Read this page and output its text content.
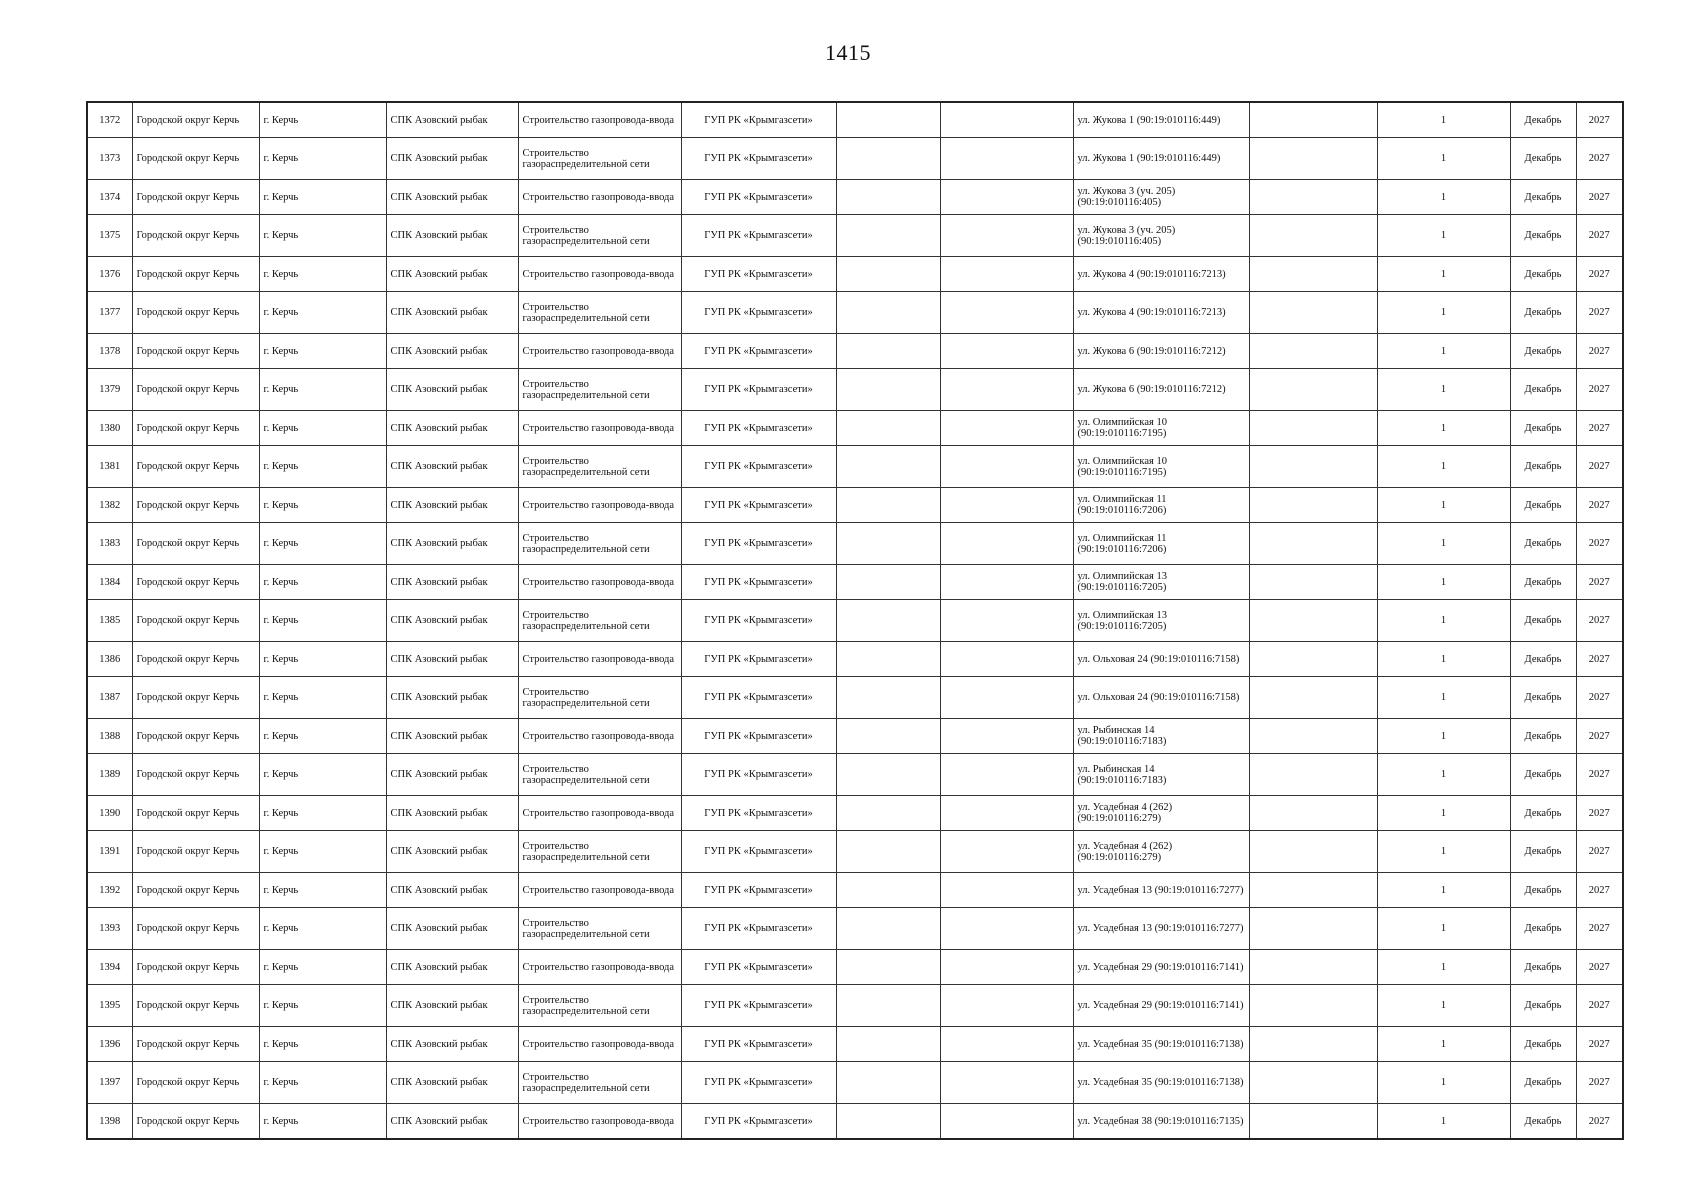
1415
1372	Городской округ Керчь	г. Керчь	СПК Азовский рыбак	Строительство газопровода-ввода	ГУП РК «Крымгазсети»			ул. Жукова 1 (90:19:010116:449)		1	Декабрь	2027
1373	Городской округ Керчь	г. Керчь	СПК Азовский рыбак	Строительство газораспределительной сети	ГУП РК «Крымгазсети»			ул. Жукова 1 (90:19:010116:449)		1	Декабрь	2027
1374	Городской округ Керчь	г. Керчь	СПК Азовский рыбак	Строительство газопровода-ввода	ГУП РК «Крымгазсети»			ул. Жукова 3 (уч. 205) (90:19:010116:405)		1	Декабрь	2027
1375	Городской округ Керчь	г. Керчь	СПК Азовский рыбак	Строительство газораспределительной сети	ГУП РК «Крымгазсети»			ул. Жукова 3 (уч. 205) (90:19:010116:405)		1	Декабрь	2027
1376	Городской округ Керчь	г. Керчь	СПК Азовский рыбак	Строительство газопровода-ввода	ГУП РК «Крымгазсети»			ул. Жукова 4 (90:19:010116:7213)		1	Декабрь	2027
1377	Городской округ Керчь	г. Керчь	СПК Азовский рыбак	Строительство газораспределительной сети	ГУП РК «Крымгазсети»			ул. Жукова 4 (90:19:010116:7213)		1	Декабрь	2027
1378	Городской округ Керчь	г. Керчь	СПК Азовский рыбак	Строительство газопровода-ввода	ГУП РК «Крымгазсети»			ул. Жукова 6 (90:19:010116:7212)		1	Декабрь	2027
1379	Городской округ Керчь	г. Керчь	СПК Азовский рыбак	Строительство газораспределительной сети	ГУП РК «Крымгазсети»			ул. Жукова 6 (90:19:010116:7212)		1	Декабрь	2027
1380	Городской округ Керчь	г. Керчь	СПК Азовский рыбак	Строительство газопровода-ввода	ГУП РК «Крымгазсети»			ул. Олимпийская 10 (90:19:010116:7195)		1	Декабрь	2027
1381	Городской округ Керчь	г. Керчь	СПК Азовский рыбак	Строительство газораспределительной сети	ГУП РК «Крымгазсети»			ул. Олимпийская 10 (90:19:010116:7195)		1	Декабрь	2027
1382	Городской округ Керчь	г. Керчь	СПК Азовский рыбак	Строительство газопровода-ввода	ГУП РК «Крымгазсети»			ул. Олимпийская 11 (90:19:010116:7206)		1	Декабрь	2027
1383	Городской округ Керчь	г. Керчь	СПК Азовский рыбак	Строительство газораспределительной сети	ГУП РК «Крымгазсети»			ул. Олимпийская 11 (90:19:010116:7206)		1	Декабрь	2027
1384	Городской округ Керчь	г. Керчь	СПК Азовский рыбак	Строительство газопровода-ввода	ГУП РК «Крымгазсети»			ул. Олимпийская 13 (90:19:010116:7205)		1	Декабрь	2027
1385	Городской округ Керчь	г. Керчь	СПК Азовский рыбак	Строительство газораспределительной сети	ГУП РК «Крымгазсети»			ул. Олимпийская 13 (90:19:010116:7205)		1	Декабрь	2027
1386	Городской округ Керчь	г. Керчь	СПК Азовский рыбак	Строительство газопровода-ввода	ГУП РК «Крымгазсети»			ул. Ольховая 24 (90:19:010116:7158)		1	Декабрь	2027
1387	Городской округ Керчь	г. Керчь	СПК Азовский рыбак	Строительство газораспределительной сети	ГУП РК «Крымгазсети»			ул. Ольховая 24 (90:19:010116:7158)		1	Декабрь	2027
1388	Городской округ Керчь	г. Керчь	СПК Азовский рыбак	Строительство газопровода-ввода	ГУП РК «Крымгазсети»			ул. Рыбинская 14 (90:19:010116:7183)		1	Декабрь	2027
1389	Городской округ Керчь	г. Керчь	СПК Азовский рыбак	Строительство газораспределительной сети	ГУП РК «Крымгазсети»			ул. Рыбинская 14 (90:19:010116:7183)		1	Декабрь	2027
1390	Городской округ Керчь	г. Керчь	СПК Азовский рыбак	Строительство газопровода-ввода	ГУП РК «Крымгазсети»			ул. Усадебная 4 (262) (90:19:010116:279)		1	Декабрь	2027
1391	Городской округ Керчь	г. Керчь	СПК Азовский рыбак	Строительство газораспределительной сети	ГУП РК «Крымгазсети»			ул. Усадебная 4 (262) (90:19:010116:279)		1	Декабрь	2027
1392	Городской округ Керчь	г. Керчь	СПК Азовский рыбак	Строительство газопровода-ввода	ГУП РК «Крымгазсети»			ул. Усадебная 13 (90:19:010116:7277)		1	Декабрь	2027
1393	Городской округ Керчь	г. Керчь	СПК Азовский рыбак	Строительство газораспределительной сети	ГУП РК «Крымгазсети»			ул. Усадебная 13 (90:19:010116:7277)		1	Декабрь	2027
1394	Городской округ Керчь	г. Керчь	СПК Азовский рыбак	Строительство газопровода-ввода	ГУП РК «Крымгазсети»			ул. Усадебная 29 (90:19:010116:7141)		1	Декабрь	2027
1395	Городской округ Керчь	г. Керчь	СПК Азовский рыбак	Строительство газораспределительной сети	ГУП РК «Крымгазсети»			ул. Усадебная 29 (90:19:010116:7141)		1	Декабрь	2027
1396	Городской округ Керчь	г. Керчь	СПК Азовский рыбак	Строительство газопровода-ввода	ГУП РК «Крымгазсети»			ул. Усадебная 35 (90:19:010116:7138)		1	Декабрь	2027
1397	Городской округ Керчь	г. Керчь	СПК Азовский рыбак	Строительство газораспределительной сети	ГУП РК «Крымгазсети»			ул. Усадебная 35 (90:19:010116:7138)		1	Декабрь	2027
1398	Городской округ Керчь	г. Керчь	СПК Азовский рыбак	Строительство газопровода-ввода	ГУП РК «Крымгазсети»			ул. Усадебная 38 (90:19:010116:7135)		1	Декабрь	2027
